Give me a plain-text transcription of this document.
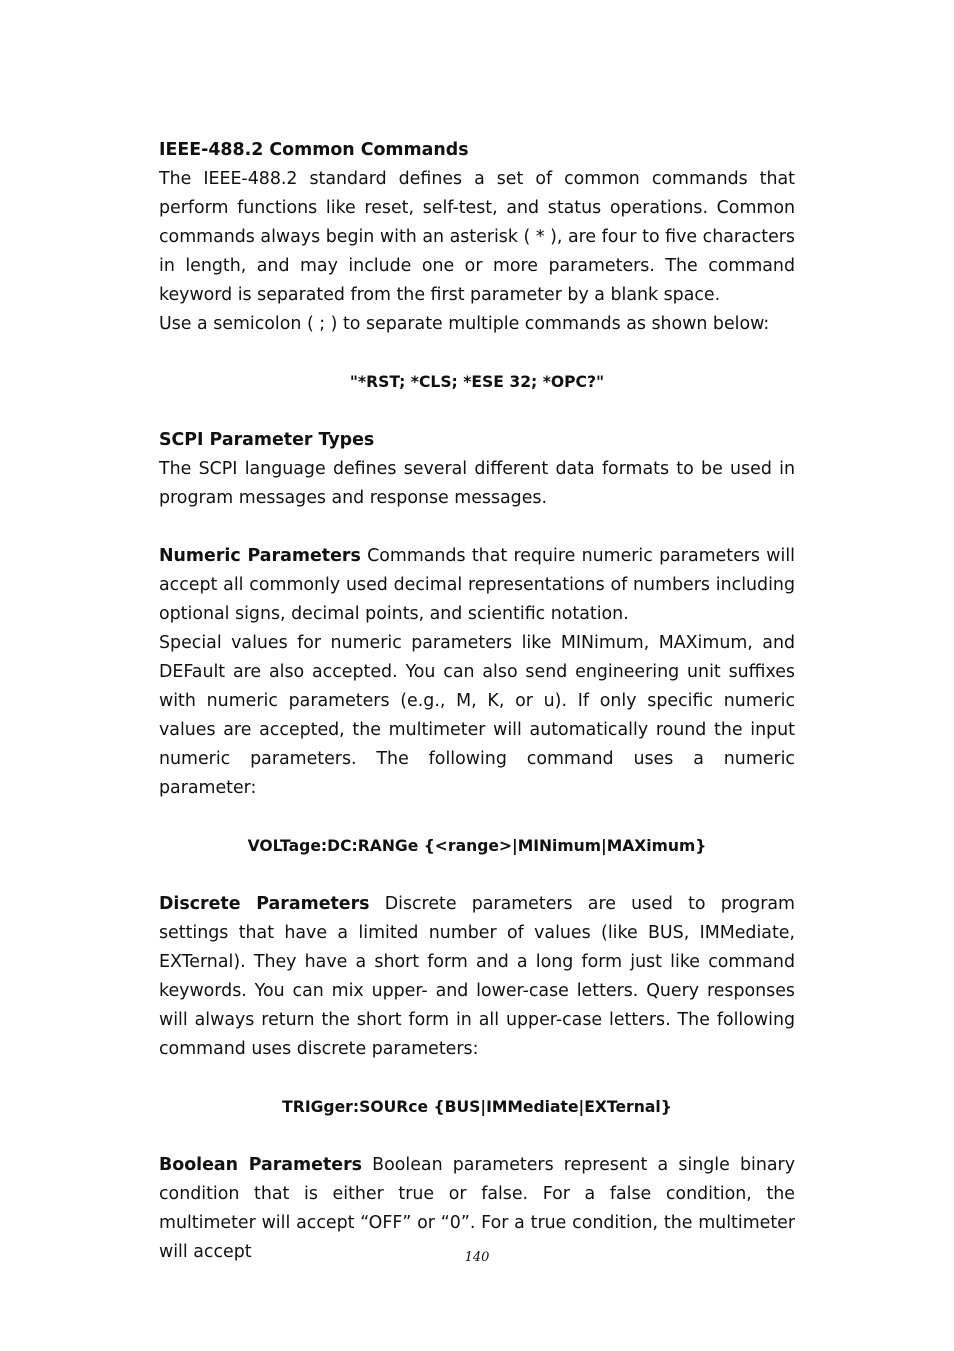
IEEE-488.2 Common Commands

The IEEE-488.2 standard defines a set of common commands that perform functions like reset, self-test, and status operations. Common commands always begin with an asterisk ( * ), are four to five characters in length, and may include one or more parameters. The command keyword is separated from the first parameter by a blank space.

Use a semicolon ( ; ) to separate multiple commands as shown below:

"*RST; *CLS; *ESE 32; *OPC?"

SCPI Parameter Types

The SCPI language defines several different data formats to be used in program messages and response messages.

Numeric Parameters Commands that require numeric parameters will accept all commonly used decimal representations of numbers including optional signs, decimal points, and scientific notation.

Special values for numeric parameters like MINimum, MAXimum, and DEFault are also accepted. You can also send engineering unit suffixes with numeric parameters (e.g., M, K, or u). If only specific numeric values are accepted, the multimeter will automatically round the input numeric parameters. The following command uses a numeric parameter:

VOLTage:DC:RANGe {<range>|MINimum|MAXimum}

Discrete Parameters Discrete parameters are used to program settings that have a limited number of values (like BUS, IMMediate, EXTernal). They have a short form and a long form just like command keywords. You can mix upper- and lower-case letters. Query responses will always return the short form in all upper-case letters. The following command uses discrete parameters:

TRIGger:SOURce {BUS|IMMediate|EXTernal}

Boolean Parameters Boolean parameters represent a single binary condition that is either true or false. For a false condition, the multimeter will accept “OFF” or “0”. For a true condition, the multimeter will accept	140
